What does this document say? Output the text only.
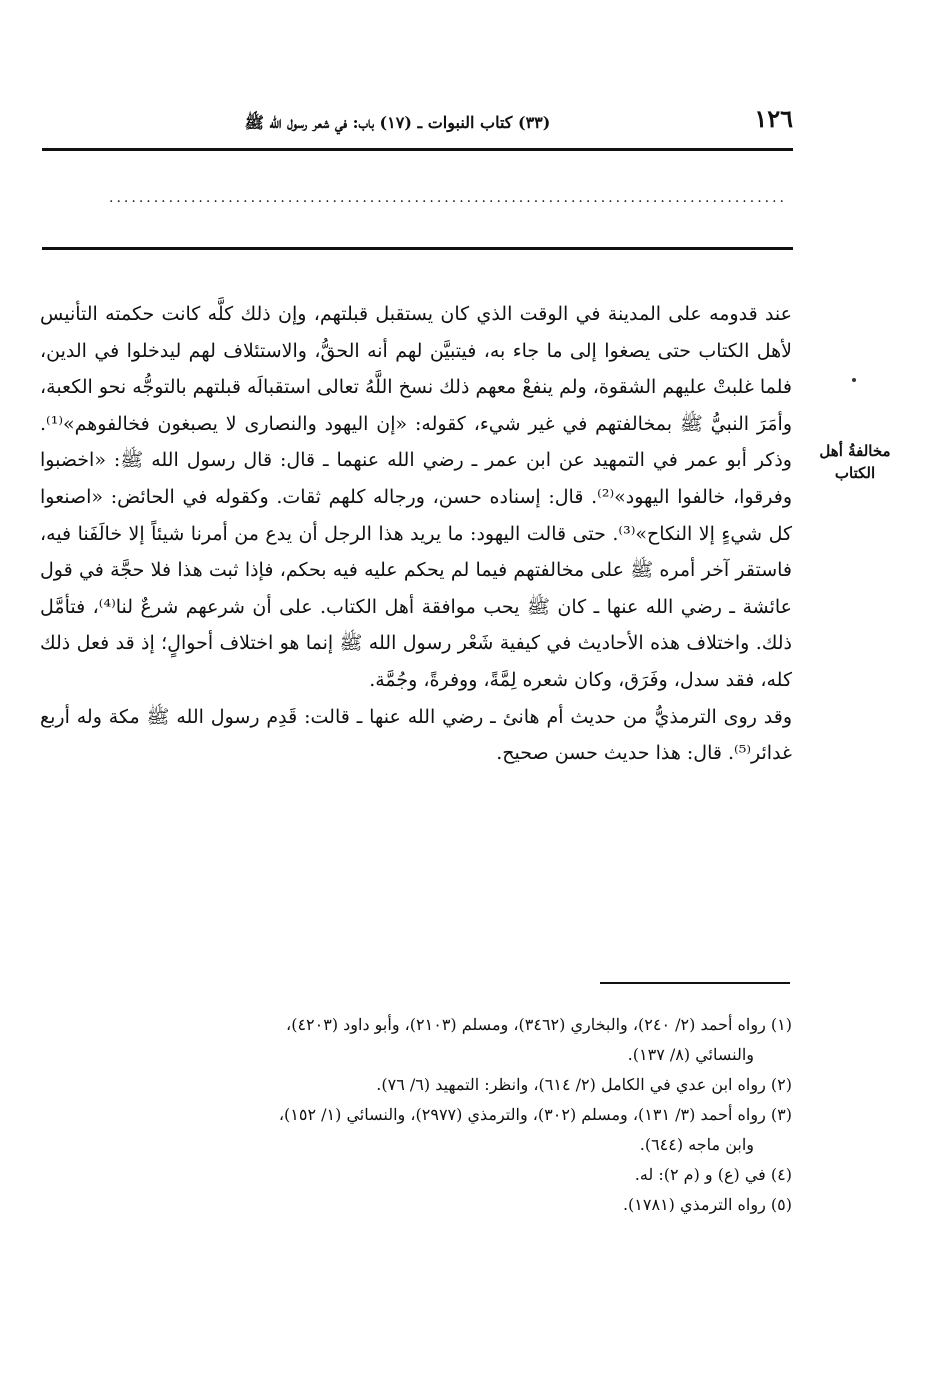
١٢٦
(٣٣) كتاب النبوات ـ (١٧) باب: في شعر رسول الله ﷺ
...........................................................................................
مخالفةُ أهل الكتاب

عند قدومه على المدينة في الوقت الذي كان يستقبل قبلتهم، وإن ذلك كلَّه كانت حكمته التأنيس لأهل الكتاب حتى يصغوا إلى ما جاء به، فيتبيَّن لهم أنه الحقُّ، والاستئلاف لهم ليدخلوا في الدين، فلما غلبتْ عليهم الشقوة، ولم ينفعْ معهم ذلك نسخ اللَّهُ تعالى استقبالَه قبلتهم بالتوجُّه نحو الكعبة، وأمَرَ النبيُّ ﷺ بمخالفتهم في غير شيء، كقوله: «إن اليهود والنصارى لا يصبغون فخالفوهم»⁽¹⁾. وذكر أبو عمر في التمهيد عن ابن عمر ـ رضي الله عنهما ـ قال: قال رسول الله ﷺ: «اخضبوا وفرقوا، خالفوا اليهود»⁽²⁾. قال: إسناده حسن، ورجاله كلهم ثقات. وكقوله في الحائض: «اصنعوا كل شيءٍ إلا النكاح»⁽³⁾. حتى قالت اليهود: ما يريد هذا الرجل أن يدع من أمرنا شيئاً إلا خالَفَنا فيه، فاستقر آخر أمره ﷺ على مخالفتهم فيما لم يحكم عليه فيه بحكم، فإذا ثبت هذا فلا حجَّة في قول عائشة ـ رضي الله عنها ـ كان ﷺ يحب موافقة أهل الكتاب. على أن شرعهم شرعٌ لنا⁽⁴⁾، فتأمَّل ذلك. واختلاف هذه الأحاديث في كيفية شَعْر رسول الله ﷺ إنما هو اختلاف أحوالٍ؛ إذ قد فعل ذلك كله، فقد سدل، وفَرَق، وكان شعره لِمَّةً، ووفرةً، وجُمَّة.

وقد روى الترمذيُّ من حديث أم هانئ ـ رضي الله عنها ـ قالت: قَدِم رسول الله ﷺ مكة وله أربع غدائر⁽⁵⁾. قال: هذا حديث حسن صحيح.

(١) رواه أحمد (٢/ ٢٤٠)، والبخاري (٣٤٦٢)، ومسلم (٢١٠٣)، وأبو داود (٤٢٠٣)،
والنسائي (٨/ ١٣٧).
(٢) رواه ابن عدي في الكامل (٢/ ٦١٤)، وانظر: التمهيد (٦/ ٧٦).
(٣) رواه أحمد (٣/ ١٣١)، ومسلم (٣٠٢)، والترمذي (٢٩٧٧)، والنسائي (١/ ١٥٢)،
وابن ماجه (٦٤٤).
(٤) في (ع) و (م ٢): له.
(٥) رواه الترمذي (١٧٨١).
